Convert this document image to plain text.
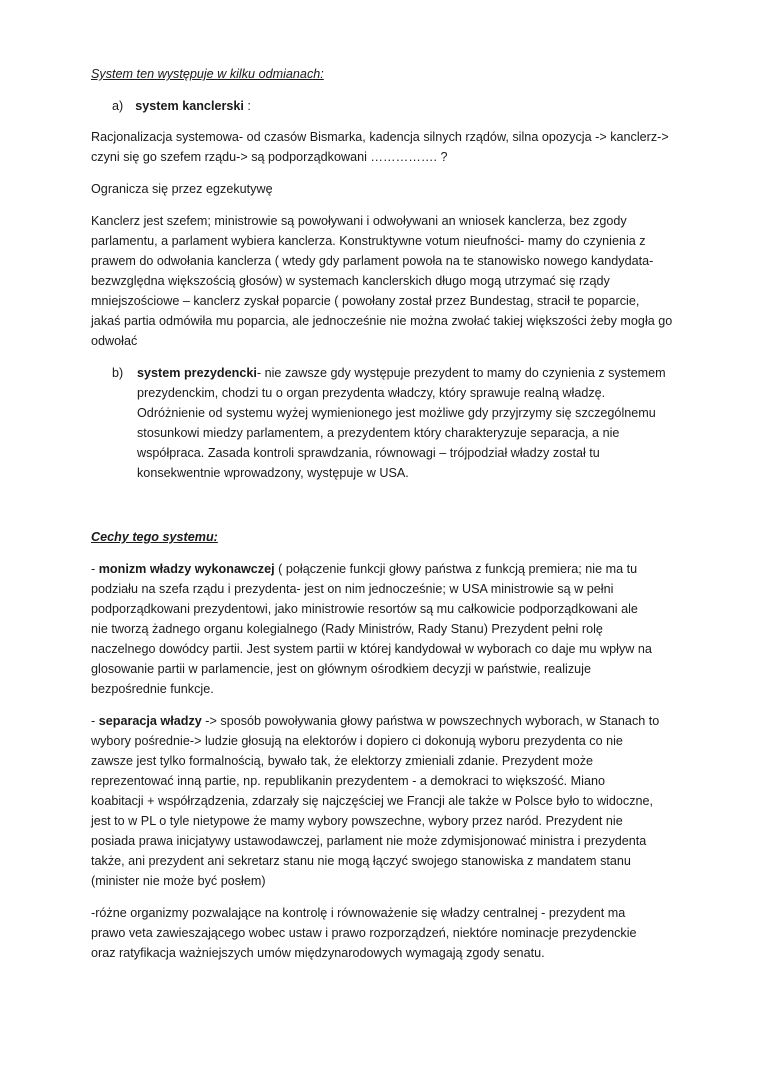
System ten występuje w kilku odmianach:
a) system kanclerski :
Racjonalizacja systemowa- od czasów Bismarka, kadencja silnych rządów, silna opozycja -> kanclerz->
czyni się go szefem rządu-> są podporządkowani ……………. ?
Ogranicza się przez egzekutywę
Kanclerz jest szefem; ministrowie są powoływani i odwoływani an wniosek kanclerza, bez zgody
parlamentu, a parlament wybiera kanclerza. Konstruktywne votum nieufności- mamy do czynienia z
prawem do odwołania kanclerza ( wtedy gdy parlament powoła na te stanowisko nowego kandydata-
bezwzględna większością głosów) w systemach kanclerskich długo mogą utrzymać się rządy
mniejszościowe – kanclerz zyskał poparcie ( powołany został przez Bundestag, stracił te poparcie,
jakaś partia odmówiła mu poparcia, ale jednocześnie nie można zwołać takiej większości żeby mogła go
odwołać
b) system prezydencki- nie zawsze gdy występuje prezydent to mamy do czynienia z systemem
prezydenckim, chodzi tu o organ prezydenta władczy, który sprawuje realną władzę.
Odróżnienie od systemu wyżej wymienionego jest możliwe gdy przyjrzymy się szczególnemu
stosunkowi miedzy parlamentem, a prezydentem który charakteryzuje separacja, a nie
współpraca. Zasada kontroli sprawdzania, równowagi – trójpodział władzy został tu
konsekwentnie wprowadzony, występuje w USA.
Cechy tego systemu:
- monizm władzy wykonawczej ( połączenie funkcji głowy państwa z funkcją premiera; nie ma tu
podziału na szefa rządu i prezydenta- jest on nim jednocześnie; w USA ministrowie są w pełni
podporządkowani prezydentowi, jako ministrowie resortów są mu całkowicie podporządkowani ale
nie tworzą żadnego organu kolegialnego (Rady Ministrów, Rady Stanu) Prezydent pełni rolę
naczelnego dowódcy partii. Jest system partii w której kandydował w wyborach co daje mu wpływ na
glosowanie partii w parlamencie, jest on głównym ośrodkiem decyzji w państwie, realizuje
bezpośrednie funkcje.
- separacja władzy -> sposób powoływania głowy państwa w powszechnych wyborach, w Stanach to
wybory pośrednie-> ludzie głosują na elektorów i dopiero ci dokonują wyboru prezydenta co nie
zawsze jest tylko formalnością, bywało tak, że elektorzy zmieniali zdanie. Prezydent może
reprezentować inną partie, np. republikanin prezydentem - a demokraci to większość. Miano
koabitacji + współrządzenia, zdarzały się najczęściej we Francji ale także w Polsce było to widoczne,
jest to w PL o tyle nietypowe że mamy wybory powszechne, wybory przez naród. Prezydent nie
posiada prawa inicjatywy ustawodawczej, parlament nie może zdymisjonować ministra i prezydenta
także, ani prezydent ani sekretarz stanu nie mogą łączyć swojego stanowiska z mandatem stanu
(minister nie może być posłem)
-różne organizmy pozwalające na kontrolę i równoważenie się władzy centralnej - prezydent ma
prawo veta zawieszającego wobec ustaw i prawo rozporządzeń, niektóre nominacje prezydenckie
oraz ratyfikacja ważniejszych umów międzynarodowych wymagają zgody senatu.
